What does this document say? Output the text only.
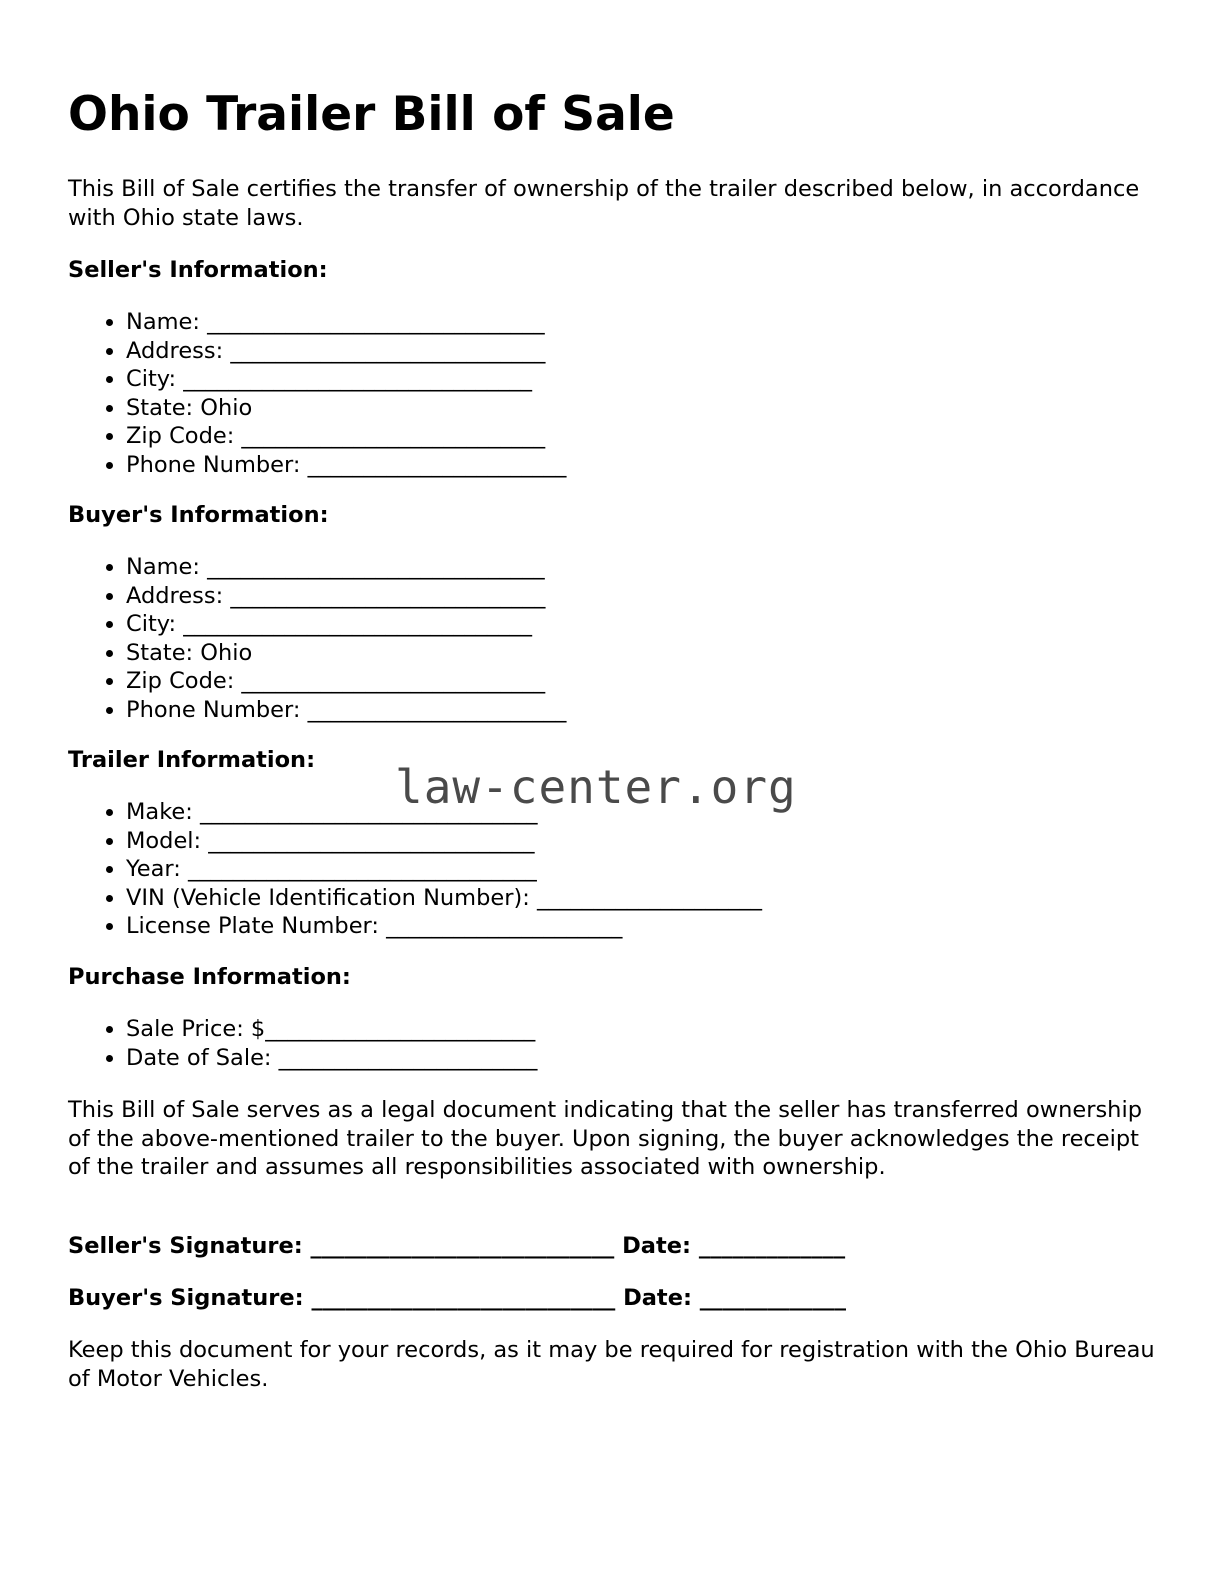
Ohio Trailer Bill of Sale

This Bill of Sale certifies the transfer of ownership of the trailer described below, in accordance with Ohio state laws.

Seller's Information:
• Name: ______________________________
• Address: ____________________________
• City: _______________________________
• State: Ohio
• Zip Code: ___________________________
• Phone Number: _______________________
Buyer's Information:
• Name: ______________________________
• Address: ____________________________
• City: _______________________________
• State: Ohio
• Zip Code: ___________________________
• Phone Number: _______________________
Trailer Information:
• Make: ______________________________
• Model: _____________________________
• Year: _______________________________
• VIN (Vehicle Identification Number): ____________________
• License Plate Number: _____________________
Purchase Information:
• Sale Price: $________________________
• Date of Sale: _______________________

This Bill of Sale serves as a legal document indicating that the seller has transferred ownership of the above-mentioned trailer to the buyer. Upon signing, the buyer acknowledges the receipt of the trailer and assumes all responsibilities associated with ownership.

Seller's Signature: ___________________________ Date: _____________
Buyer's Signature: ___________________________ Date: _____________

Keep this document for your records, as it may be required for registration with the Ohio Bureau of Motor Vehicles.

law-center.org
